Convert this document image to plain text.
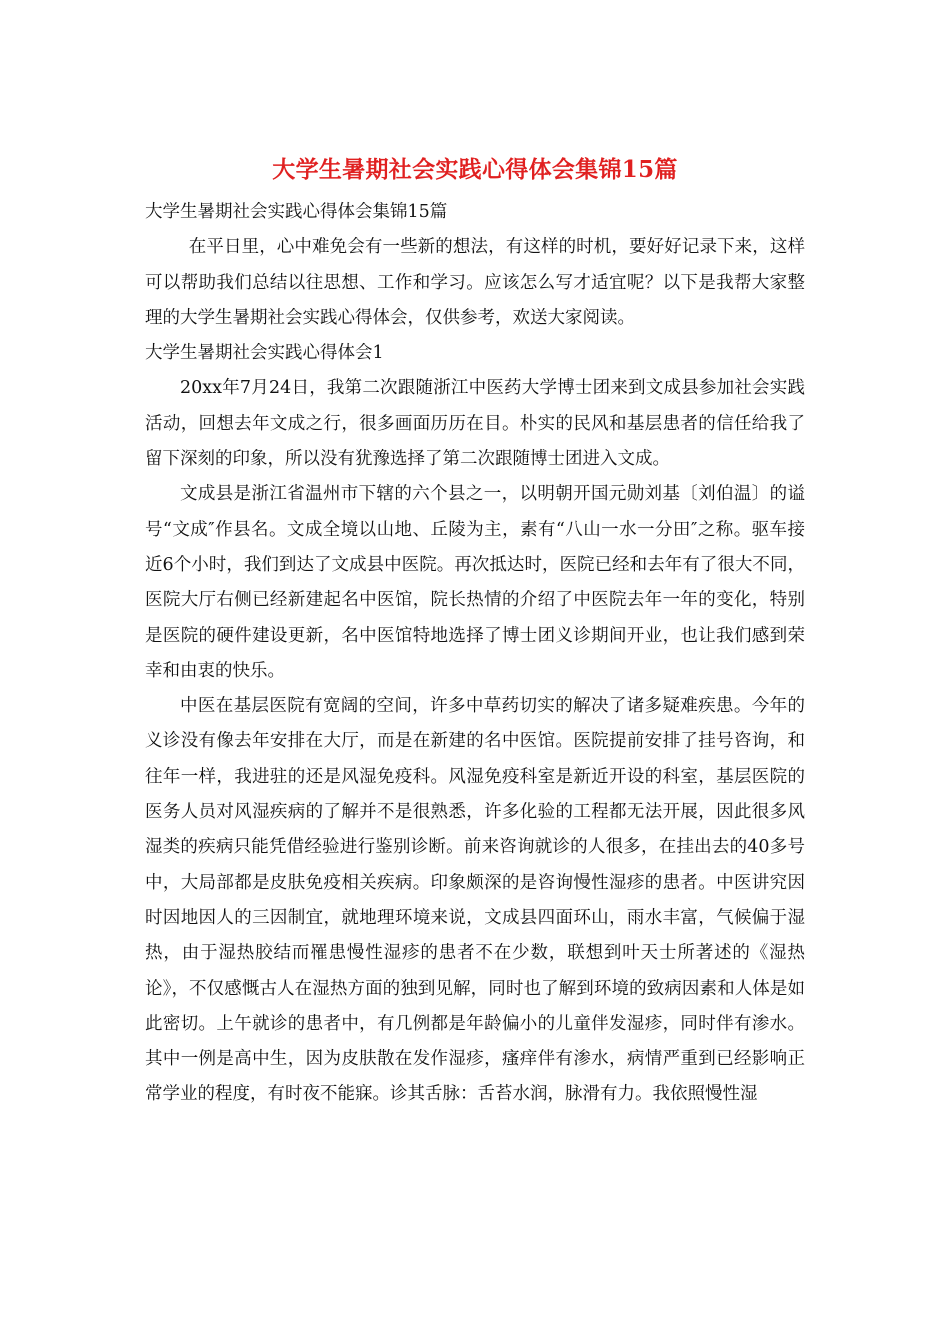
大学生暑期社会实践心得体会集锦15篇

大学生暑期社会实践心得体会集锦15篇

在平日里，心中难免会有一些新的想法，有这样的时机，要好好记录下来，这样可以帮助我们总结以往思想、工作和学习。应该怎么写才适宜呢？以下是我帮大家整理的大学生暑期社会实践心得体会，仅供参考，欢送大家阅读。

大学生暑期社会实践心得体会1

20xx年7月24日，我第二次跟随浙江中医药大学博士团来到文成县参加社会实践活动，回想去年文成之行，很多画面历历在目。朴实的民风和基层患者的信任给我了留下深刻的印象，所以没有犹豫选择了第二次跟随博士团进入文成。

文成县是浙江省温州市下辖的六个县之一，以明朝开国元勋刘基〔刘伯温〕的谥号“文成″作县名。文成全境以山地、丘陵为主，素有“八山一水一分田″之称。驱车接近6个小时，我们到达了文成县中医院。再次抵达时，医院已经和去年有了很大不同，医院大厅右侧已经新建起名中医馆，院长热情的介绍了中医院去年一年的变化，特别是医院的硬件建设更新，名中医馆特地选择了博士团义诊期间开业，也让我们感到荣幸和由衷的快乐。

中医在基层医院有宽阔的空间，许多中草药切实的解决了诸多疑难疾患。今年的义诊没有像去年安排在大厅，而是在新建的名中医馆。医院提前安排了挂号咨询，和往年一样，我进驻的还是风湿免疫科。风湿免疫科室是新近开设的科室，基层医院的医务人员对风湿疾病的了解并不是很熟悉，许多化验的工程都无法开展，因此很多风湿类的疾病只能凭借经验进行鉴别诊断。前来咨询就诊的人很多，在挂出去的40多号中，大局部都是皮肤免疫相关疾病。印象颇深的是咨询慢性湿疹的患者。中医讲究因时因地因人的三因制宜，就地理环境来说，文成县四面环山，雨水丰富，气候偏于湿热，由于湿热胶结而罹患慢性湿疹的患者不在少数，联想到叶天士所著述的《湿热论》，不仅感慨古人在湿热方面的独到见解，同时也了解到环境的致病因素和人体是如此密切。上午就诊的患者中，有几例都是年龄偏小的儿童伴发湿疹，同时伴有渗水。其中一例是高中生，因为皮肤散在发作湿疹，瘙痒伴有渗水，病情严重到已经影响正常学业的程度，有时夜不能寐。诊其舌脉：舌苔水润，脉滑有力。我依照慢性湿
